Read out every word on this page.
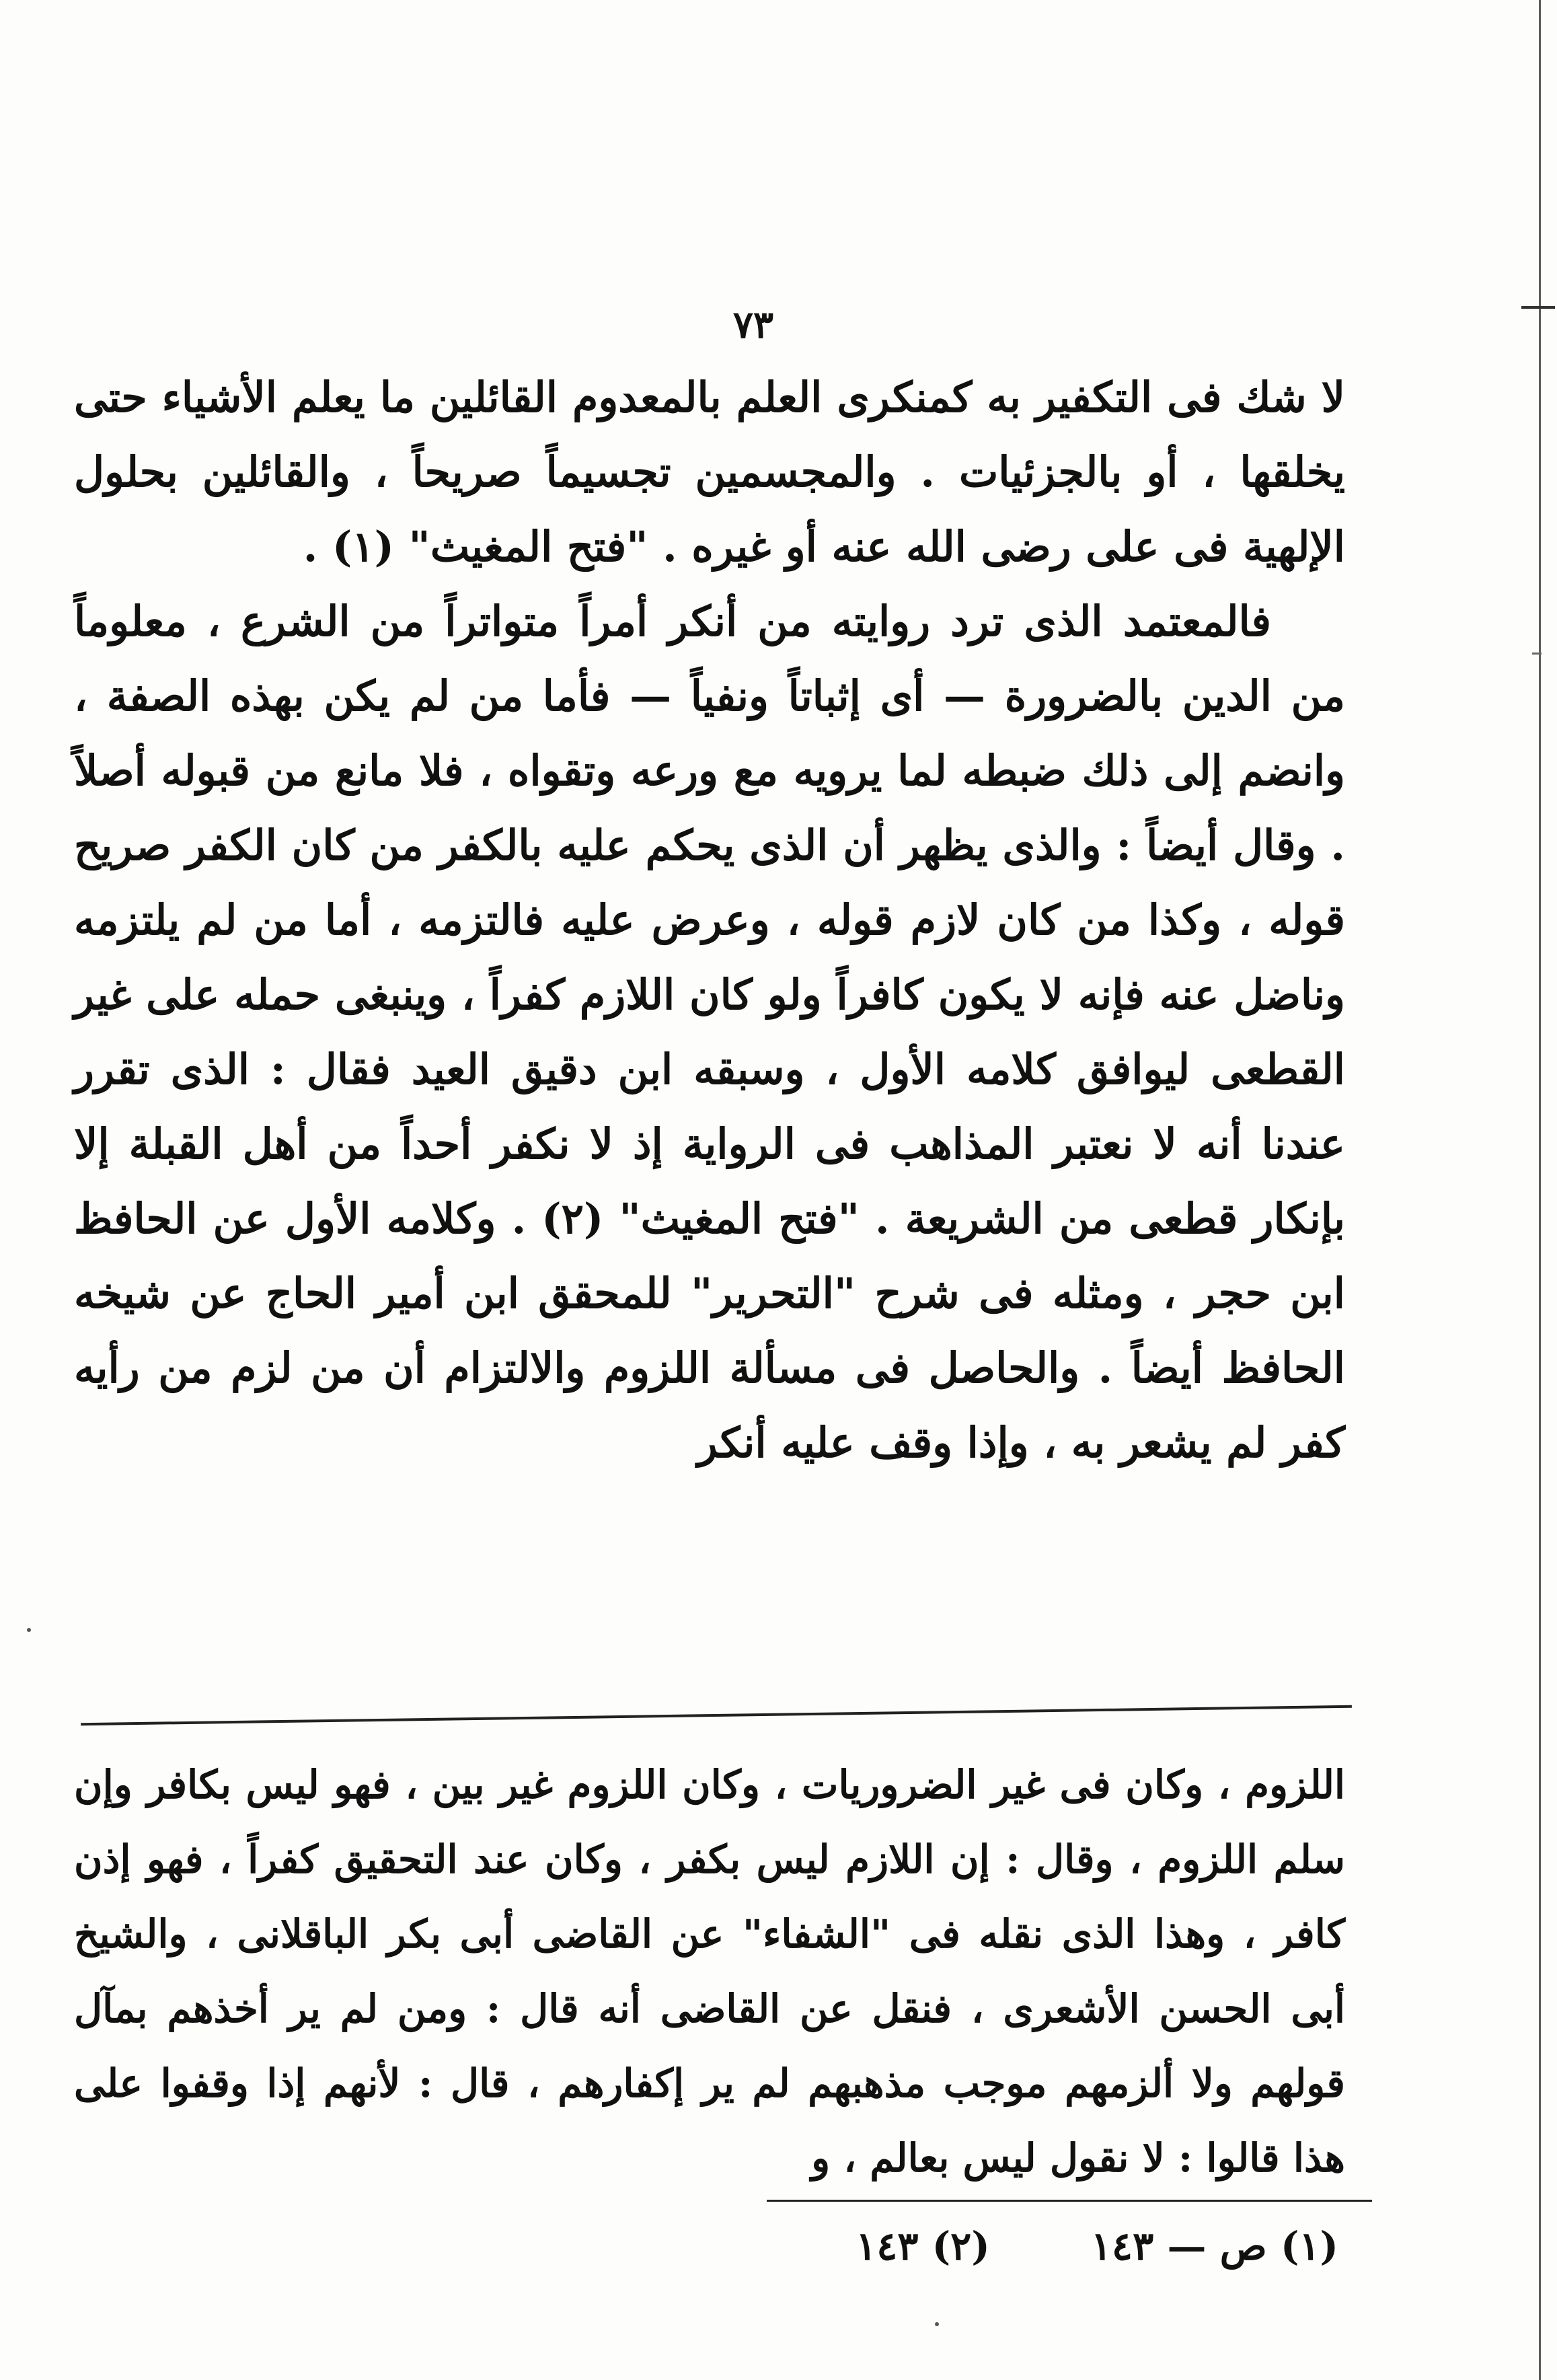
٧٣

لا شك فى التكفير به كمنكرى العلم بالمعدوم القائلين ما يعلم الأشياء حتى يخلقها ، أو بالجزئيات . والمجسمين تجسيماً صريحاً ، والقائلين بحلول الإلهية فى على رضى الله عنه أو غيره . "فتح المغيث" (١) .

فالمعتمد الذى ترد روايته من أنكر أمراً متواتراً من الشرع ، معلوماً من الدين بالضرورة — أى إثباتاً ونفياً — فأما من لم يكن بهذه الصفة ، وانضم إلى ذلك ضبطه لما يرويه مع ورعه وتقواه ، فلا مانع من قبوله أصلاً . وقال أيضاً : والذى يظهر أن الذى يحكم عليه بالكفر من كان الكفر صريح قوله ، وكذا من كان لازم قوله ، وعرض عليه فالتزمه ، أما من لم يلتزمه وناضل عنه فإنه لا يكون كافراً ولو كان اللازم كفراً ، وينبغى حمله على غير القطعى ليوافق كلامه الأول ، وسبقه ابن دقيق العيد فقال : الذى تقرر عندنا أنه لا نعتبر المذاهب فى الرواية إذ لا نكفر أحداً من أهل القبلة إلا بإنكار قطعى من الشريعة . "فتح المغيث" (٢) . وكلامه الأول عن الحافظ ابن حجر ، ومثله فى شرح "التحرير" للمحقق ابن أمير الحاج عن شيخه الحافظ أيضاً . والحاصل فى مسألة اللزوم والالتزام أن من لزم من رأيه كفر لم يشعر به ، وإذا وقف عليه أنكر

اللزوم ، وكان فى غير الضروريات ، وكان اللزوم غير بين ، فهو ليس بكافر وإن سلم اللزوم ، وقال : إن اللازم ليس بكفر ، وكان عند التحقيق كفراً ، فهو إذن كافر ، وهذا الذى نقله فى "الشفاء" عن القاضى أبى بكر الباقلانى ، والشيخ أبى الحسن الأشعرى ، فنقل عن القاضى أنه قال : ومن لم ير أخذهم بمآل قولهم ولا ألزمهم موجب مذهبهم لم ير إكفارهم ، قال : لأنهم إذا وقفوا على هذا قالوا : لا نقول ليس بعالم ، و

(١) ص — ١٤٣
(٢) ١٤٣
